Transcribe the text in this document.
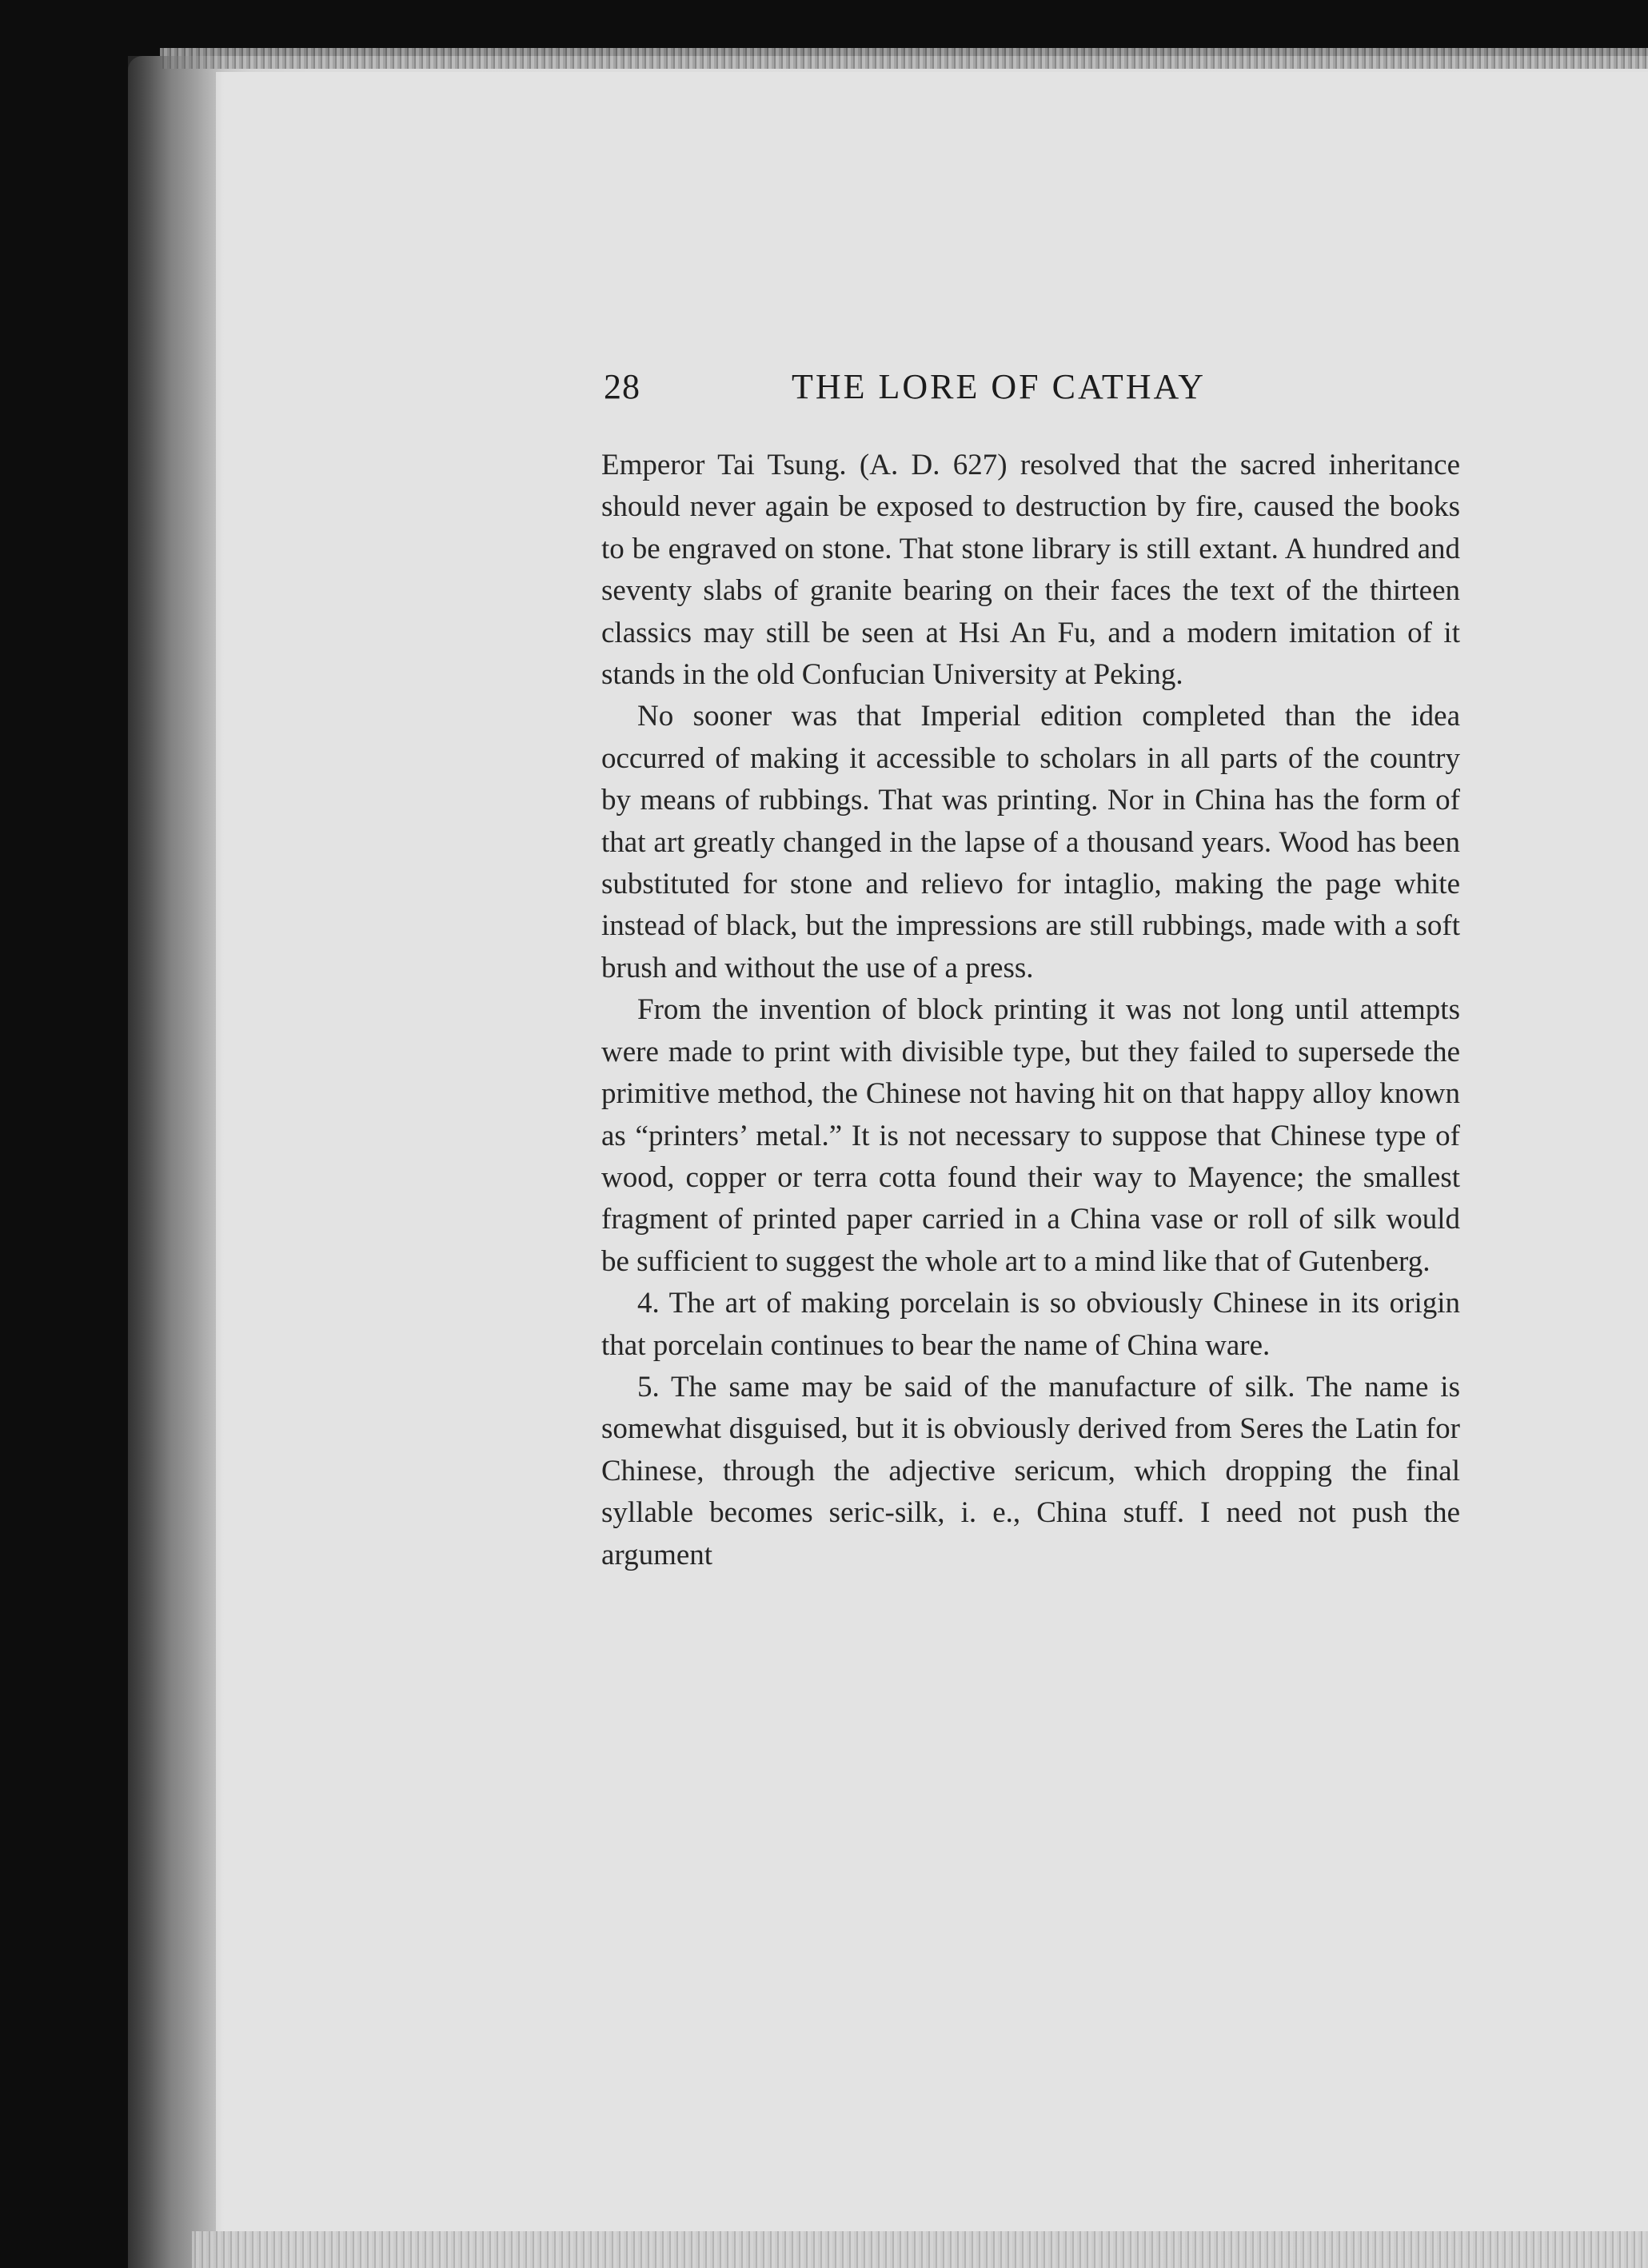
28	THE LORE OF CATHAY

Emperor Tai Tsung. (A. D. 627) resolved that the sacred inheritance should never again be exposed to destruction by fire, caused the books to be engraved on stone. That stone library is still extant. A hundred and seventy slabs of granite bearing on their faces the text of the thirteen classics may still be seen at Hsi An Fu, and a modern imitation of it stands in the old Confucian University at Peking.

No sooner was that Imperial edition completed than the idea occurred of making it accessible to scholars in all parts of the country by means of rubbings. That was printing. Nor in China has the form of that art greatly changed in the lapse of a thousand years. Wood has been substituted for stone and relievo for intaglio, making the page white instead of black, but the impressions are still rubbings, made with a soft brush and without the use of a press.

From the invention of block printing it was not long until attempts were made to print with divisible type, but they failed to supersede the primitive method, the Chinese not having hit on that happy alloy known as “printers’ metal.” It is not necessary to suppose that Chinese type of wood, copper or terra cotta found their way to Mayence; the smallest fragment of printed paper carried in a China vase or roll of silk would be sufficient to suggest the whole art to a mind like that of Gutenberg.

4. The art of making porcelain is so obviously Chinese in its origin that porcelain continues to bear the name of China ware.

5. The same may be said of the manufacture of silk. The name is somewhat disguised, but it is obviously derived from Seres the Latin for Chinese, through the adjective sericum, which dropping the final syllable becomes seric-silk, i. e., China stuff. I need not push the argument
